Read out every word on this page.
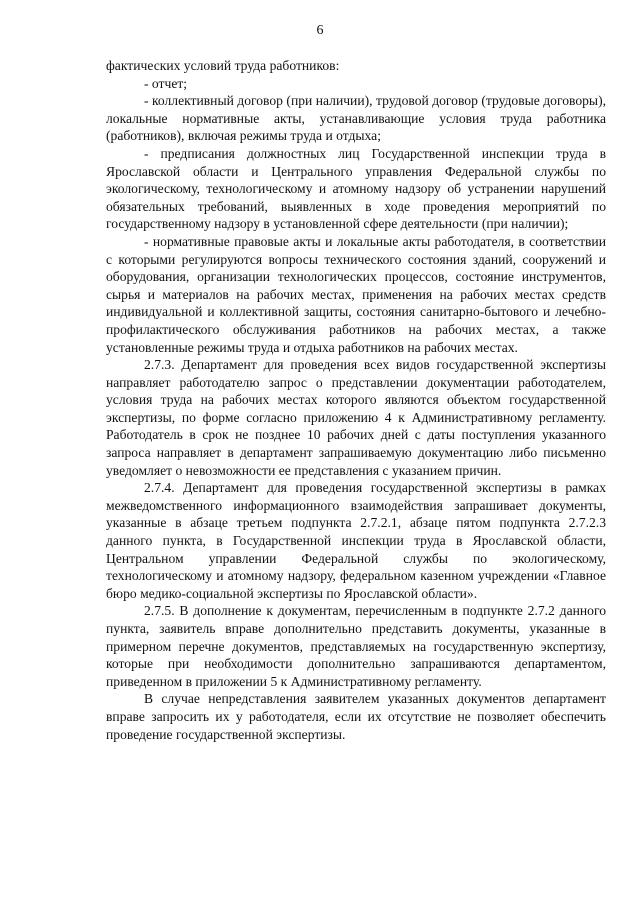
6

фактических условий труда работников:

- отчет;

- коллективный договор (при наличии), трудовой договор (трудовые договоры), локальные нормативные акты, устанавливающие условия труда работника (работников), включая режимы труда и отдыха;

- предписания должностных лиц Государственной инспекции труда в Ярославской области и Центрального управления Федеральной службы по экологическому, технологическому и атомному надзору об устранении нарушений обязательных требований, выявленных в ходе проведения мероприятий по государственному надзору в установленной сфере деятельности (при наличии);

- нормативные правовые акты и локальные акты работодателя, в соответствии с которыми регулируются вопросы технического состояния зданий, сооружений и оборудования, организации технологических процессов, состояние инструментов, сырья и материалов на рабочих местах, применения на рабочих местах средств индивидуальной и коллективной защиты, состояния санитарно-бытового и лечебно-профилактического обслуживания работников на рабочих местах, а также установленные режимы труда и отдыха работников на рабочих местах.

2.7.3. Департамент для проведения всех видов государственной экспертизы направляет работодателю запрос о представлении документации работодателем, условия труда на рабочих местах которого являются объектом государственной экспертизы, по форме согласно приложению 4 к Административному регламенту. Работодатель в срок не позднее 10 рабочих дней с даты поступления указанного запроса направляет в департамент запрашиваемую документацию либо письменно уведомляет о невозможности ее представления с указанием причин.

2.7.4. Департамент для проведения государственной экспертизы в рамках межведомственного информационного взаимодействия запрашивает документы, указанные в абзаце третьем подпункта 2.7.2.1, абзаце пятом подпункта 2.7.2.3 данного пункта, в Государственной инспекции труда в Ярославской области, Центральном управлении Федеральной службы по экологическому, технологическому и атомному надзору, федеральном казенном учреждении «Главное бюро медико-социальной экспертизы по Ярославской области».

2.7.5. В дополнение к документам, перечисленным в подпункте 2.7.2 данного пункта, заявитель вправе дополнительно представить документы, указанные в примерном перечне документов, представляемых на государственную экспертизу, которые при необходимости дополнительно запрашиваются департаментом, приведенном в приложении 5 к Административному регламенту.

В случае непредставления заявителем указанных документов департамент вправе запросить их у работодателя, если их отсутствие не позволяет обеспечить проведение государственной экспертизы.
